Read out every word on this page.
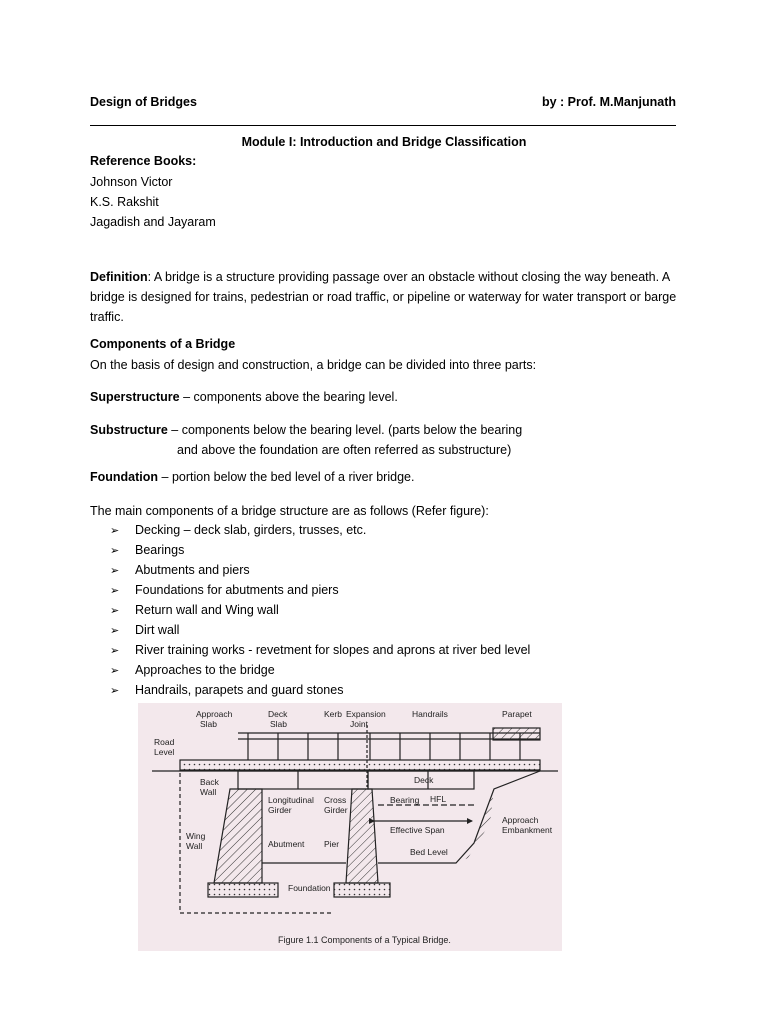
Design of Bridges	by : Prof. M.Manjunath
Module I: Introduction and Bridge Classification
Reference Books:
Johnson Victor
K.S. Rakshit
Jagadish and Jayaram
Definition: A bridge is a structure providing passage over an obstacle without closing the way beneath. A bridge is designed for trains, pedestrian or road traffic, or pipeline or waterway for water transport or barge traffic.
Components of a Bridge
On the basis of design and construction, a bridge can be divided into three parts:
Superstructure – components above the bearing level.
Substructure – components below the bearing level. (parts below the bearing
and above the foundation are often referred as substructure)
Foundation – portion below the bed level of a river bridge.
The main components of a bridge structure are as follows (Refer figure):
➢ Decking – deck slab, girders, trusses, etc.
➢ Bearings
➢ Abutments and piers
➢ Foundations for abutments and piers
➢ Return wall and Wing wall
➢ Dirt wall
➢ River training works - revetment for slopes and aprons at river bed level
➢ Approaches to the bridge
➢ Handrails, parapets and guard stones
Approach
Slab
Deck
Slab
Kerb Expansion
Joint
Handrails	Parapet
Road
Level
Back
Wall
Longitudinal
Girder
Cross
Girder
Deck
Bearing HFL
Effective Span
Approach
Embankment
Wing
Wall	Abutment Pier
Bed Level
Foundation
Figure 1.1 Components of a Typical Bridge.
